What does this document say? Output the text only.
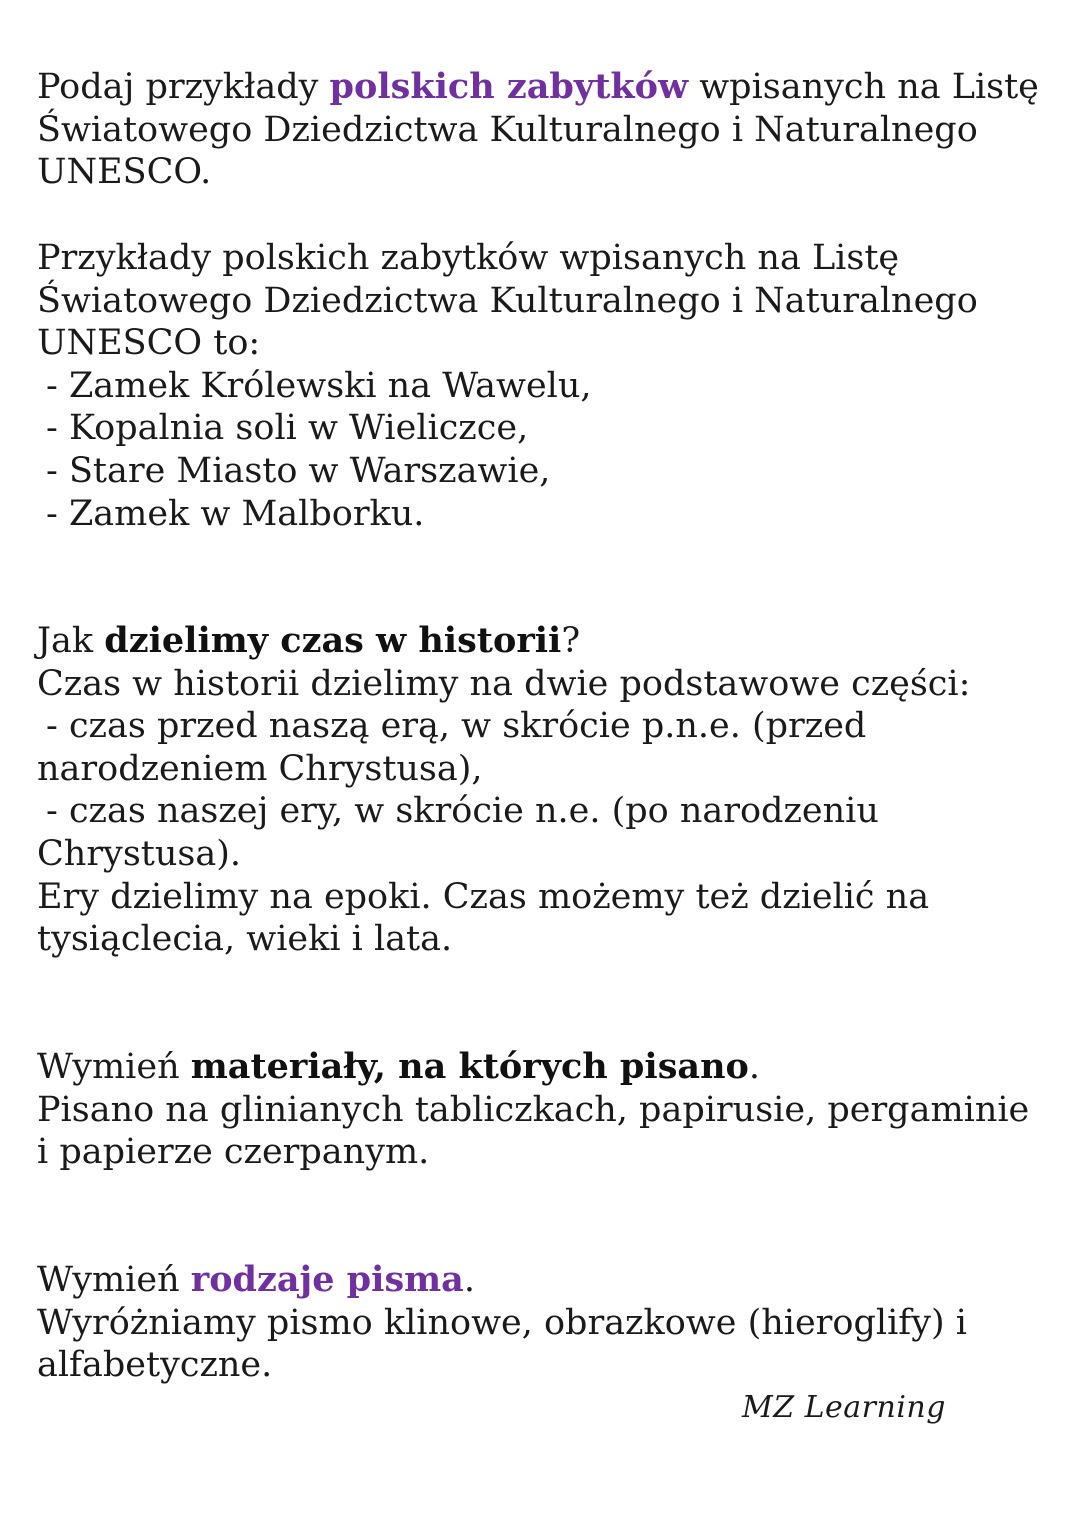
Podaj przykłady polskich zabytków wpisanych na Listę
Światowego Dziedzictwa Kulturalnego i Naturalnego
UNESCO.
Przykłady polskich zabytków wpisanych na Listę
Światowego Dziedzictwa Kulturalnego i Naturalnego
UNESCO to:
- Zamek Królewski na Wawelu,
- Kopalnia soli w Wieliczce,
- Stare Miasto w Warszawie,
- Zamek w Malborku.
Jak dzielimy czas w historii?
Czas w historii dzielimy na dwie podstawowe części:
- czas przed naszą erą, w skrócie p.n.e. (przed
narodzeniem Chrystusa),
- czas naszej ery, w skrócie n.e. (po narodzeniu
Chrystusa).
Ery dzielimy na epoki. Czas możemy też dzielić na
tysiąclecia, wieki i lata.
Wymień materiały, na których pisano.
Pisano na glinianych tabliczkach, papirusie, pergaminie
i papierze czerpanym.
Wymień rodzaje pisma.
Wyróżniamy pismo klinowe, obrazkowe (hieroglify) i
alfabetyczne.
MZ Learning
